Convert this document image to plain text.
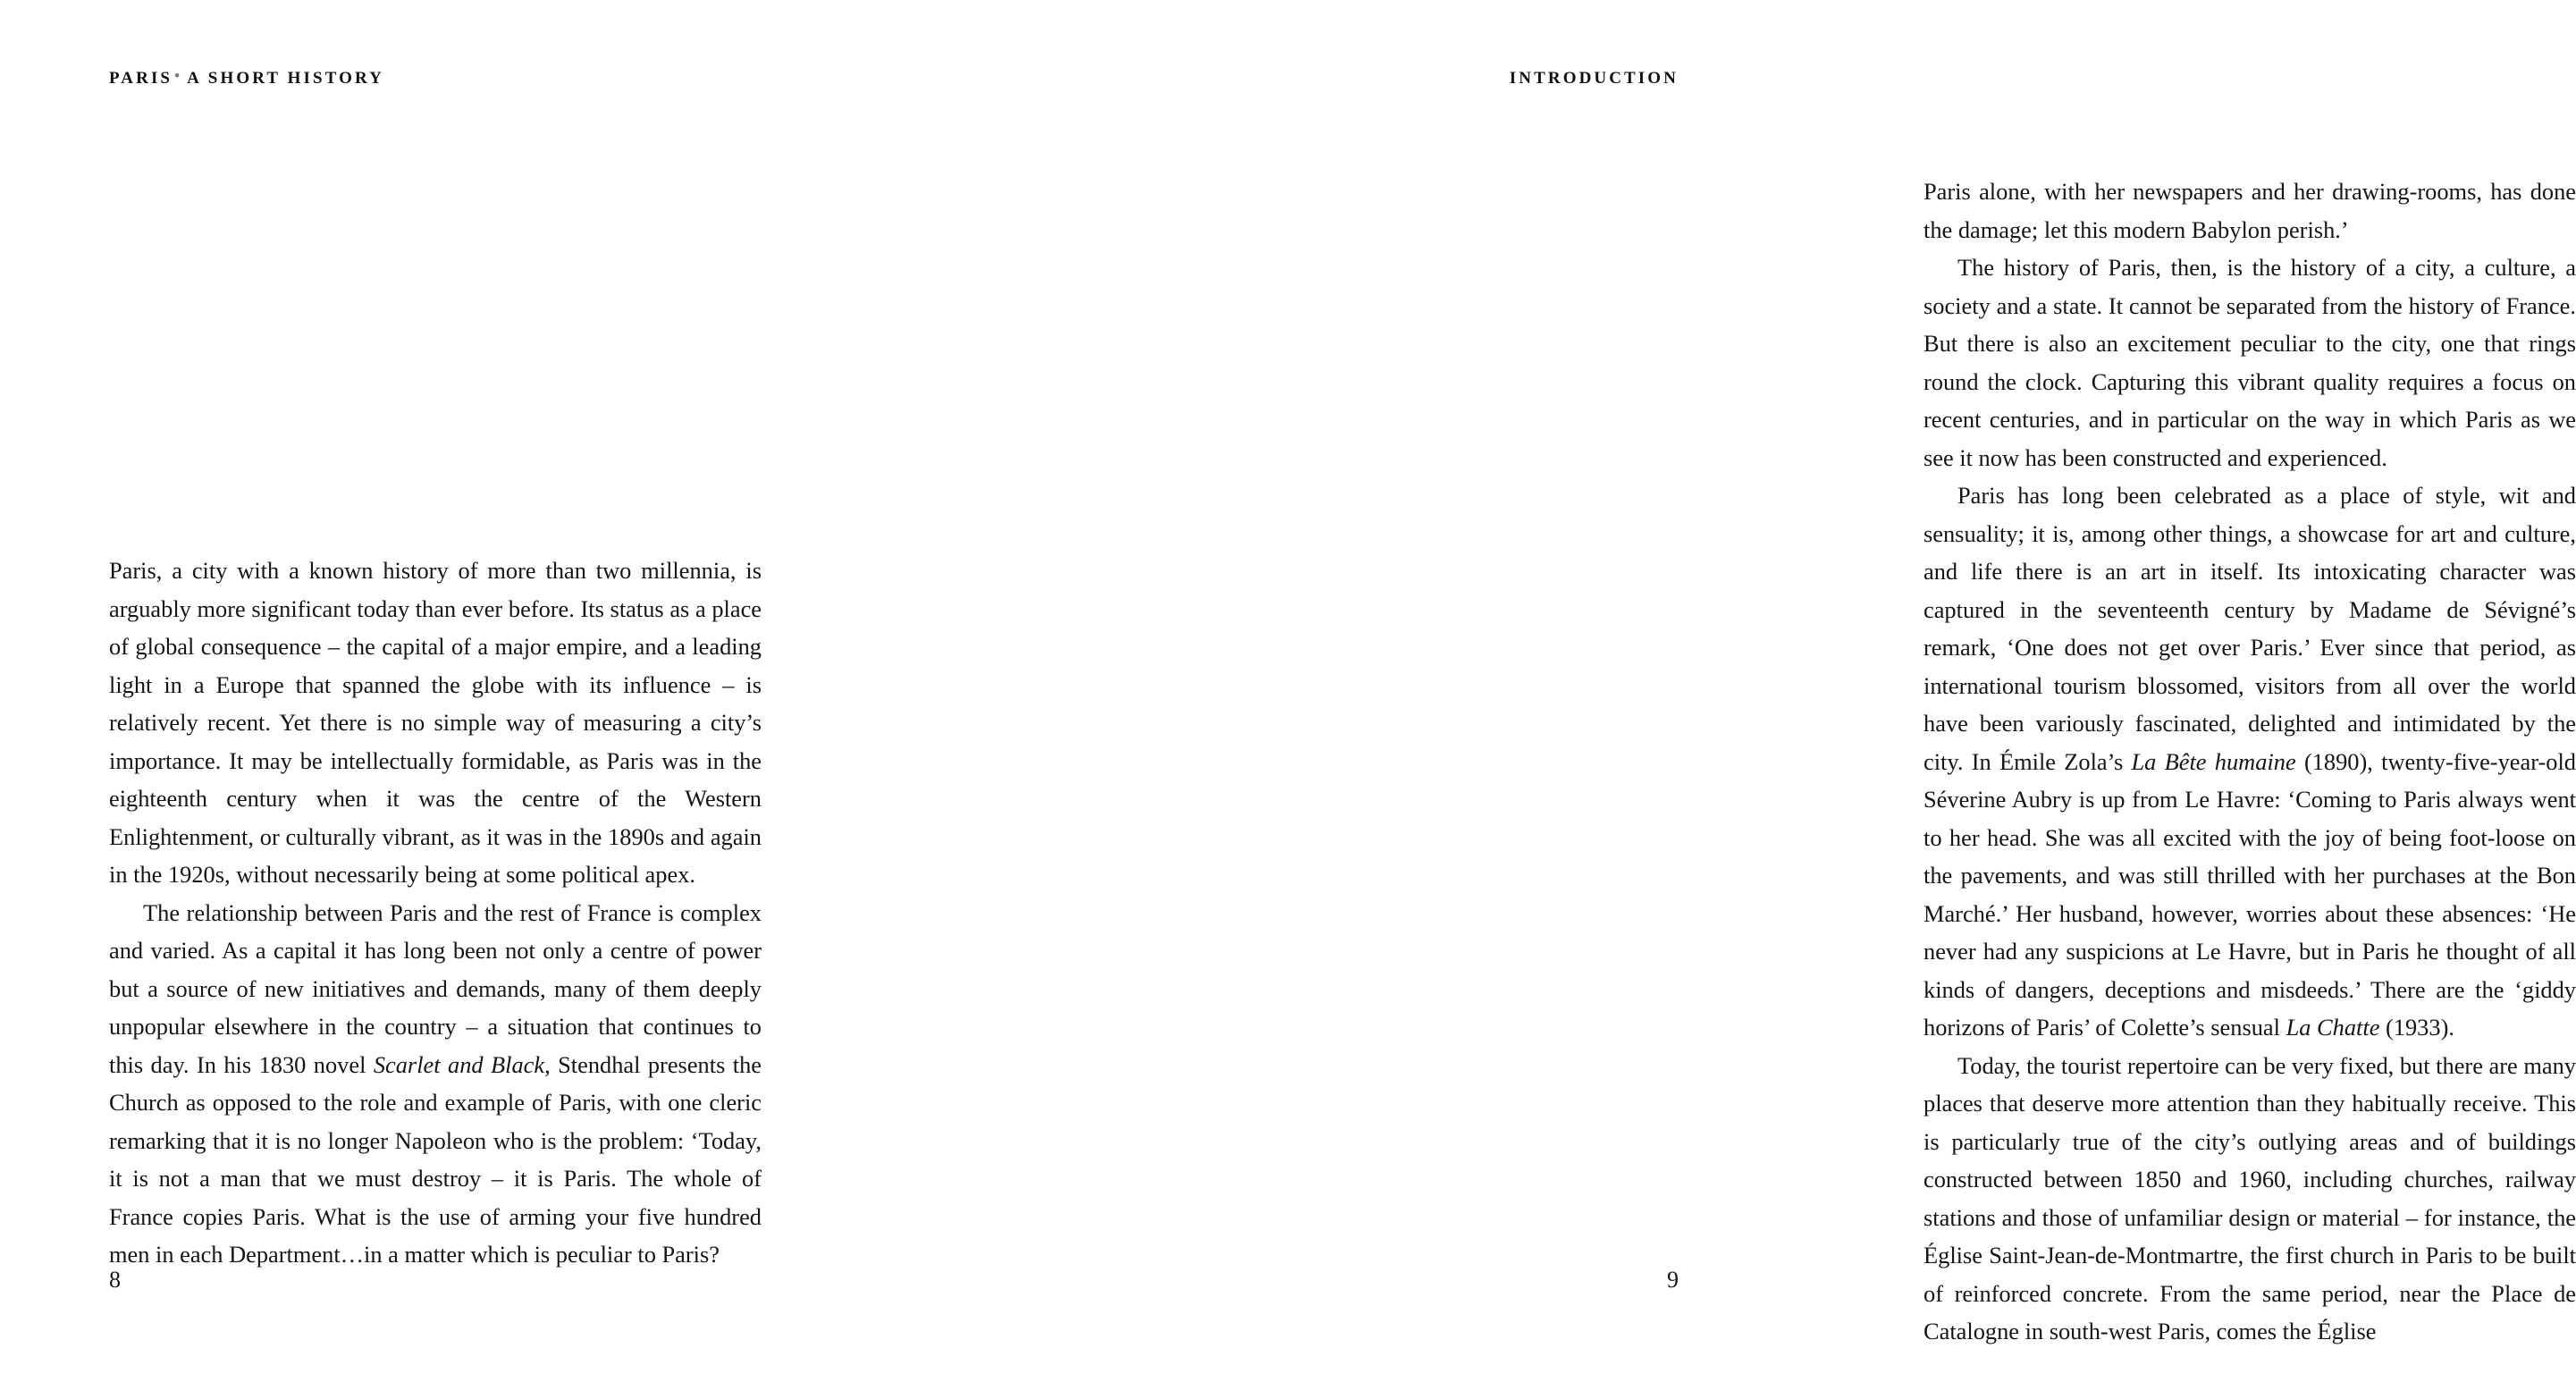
PARIS • A SHORT HISTORY

Paris, a city with a known history of more than two millennia, is arguably more significant today than ever before. Its status as a place of global consequence – the capital of a major empire, and a leading light in a Europe that spanned the globe with its influence – is relatively recent. Yet there is no simple way of measuring a city’s importance. It may be intellectually formidable, as Paris was in the eighteenth century when it was the centre of the Western Enlightenment, or culturally vibrant, as it was in the 1890s and again in the 1920s, without necessarily being at some political apex.

The relationship between Paris and the rest of France is complex and varied. As a capital it has long been not only a centre of power but a source of new initiatives and demands, many of them deeply unpopular elsewhere in the country – a situation that continues to this day. In his 1830 novel Scarlet and Black, Stendhal presents the Church as opposed to the role and example of Paris, with one cleric remarking that it is no longer Napoleon who is the problem: ‘Today, it is not a man that we must destroy – it is Paris. The whole of France copies Paris. What is the use of arming your five hundred men in each Department…in a matter which is peculiar to Paris?

8
INTRODUCTION

Paris alone, with her newspapers and her drawing-rooms, has done the damage; let this modern Babylon perish.’

The history of Paris, then, is the history of a city, a culture, a society and a state. It cannot be separated from the history of France. But there is also an excitement peculiar to the city, one that rings round the clock. Capturing this vibrant quality requires a focus on recent centuries, and in particular on the way in which Paris as we see it now has been constructed and experienced.

Paris has long been celebrated as a place of style, wit and sensuality; it is, among other things, a showcase for art and culture, and life there is an art in itself. Its intoxicating character was captured in the seventeenth century by Madame de Sévigné’s remark, ‘One does not get over Paris.’ Ever since that period, as international tourism blossomed, visitors from all over the world have been variously fascinated, delighted and intimidated by the city. In Émile Zola’s La Bête humaine (1890), twenty-five-year-old Séverine Aubry is up from Le Havre: ‘Coming to Paris always went to her head. She was all excited with the joy of being foot-loose on the pavements, and was still thrilled with her purchases at the Bon Marché.’ Her husband, however, worries about these absences: ‘He never had any suspicions at Le Havre, but in Paris he thought of all kinds of dangers, deceptions and misdeeds.’ There are the ‘giddy horizons of Paris’ of Colette’s sensual La Chatte (1933).

Today, the tourist repertoire can be very fixed, but there are many places that deserve more attention than they habitually receive. This is particularly true of the city’s outlying areas and of buildings constructed between 1850 and 1960, including churches, railway stations and those of unfamiliar design or material – for instance, the Église Saint-Jean-de-Montmartre, the first church in Paris to be built of reinforced concrete. From the same period, near the Place de Catalogne in south-west Paris, comes the Église

9
